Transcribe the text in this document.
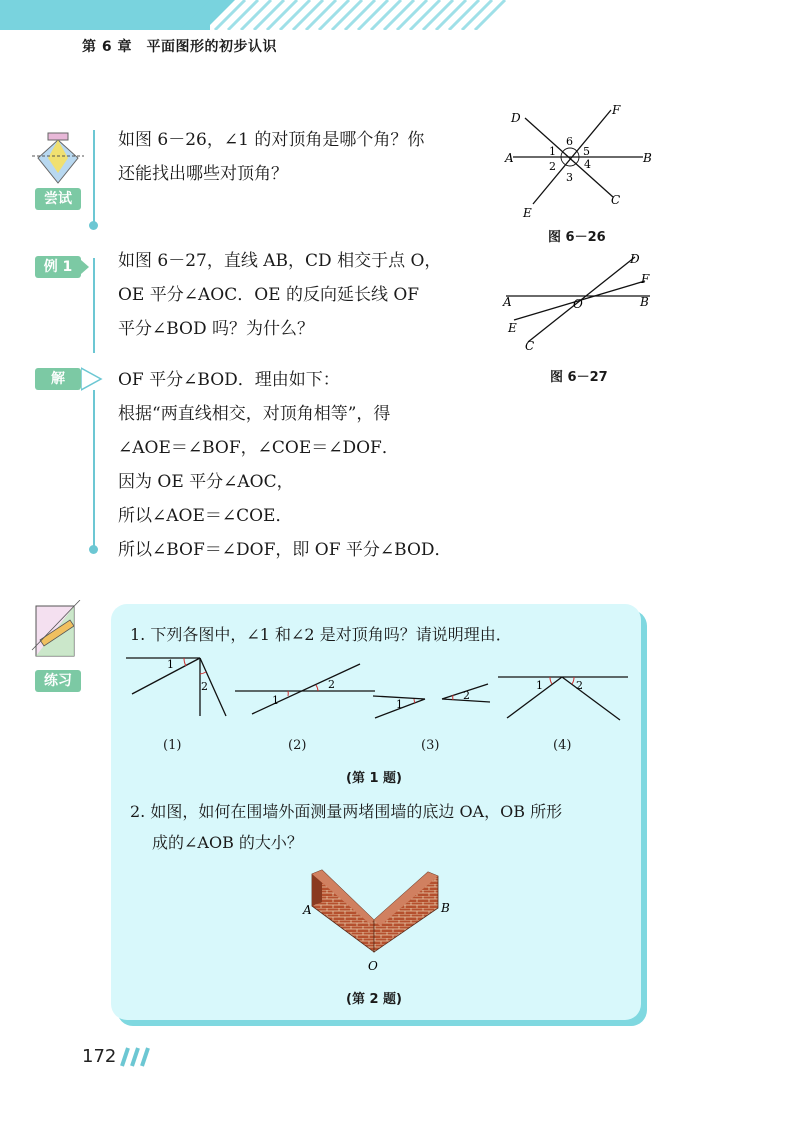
第 6 章　平面图形的初步认识
尝试
如图 6－26，∠1 的对顶角是哪个角？你
还能找出哪些对顶角？
A	B
C
D
E
F
1
2
3
4
5
6
图 6－26
例 1	如图 6－27，直线 AB，CD 相交于点 O，
OE 平分∠AOC．OE 的反向延长线 OF
平分∠BOD 吗？为什么？
A	B
C
D
E
F
O
图 6－27
解	OF 平分∠BOD．理由如下：
根据“两直线相交，对顶角相等”，得
∠AOE＝∠BOF，∠COE＝∠DOF．
因为 OE 平分∠AOC，
所以∠AOE＝∠COE．
所以∠BOF＝∠DOF，即 OF 平分∠BOD．
练习
1. 下列各图中，∠1 和∠2 是对顶角吗？请说明理由．
1
2
1
2
1
2
1	2
(1)	(2)	(3)	(4)
(第 1 题)
2. 如图，如何在围墙外面测量两堵围墙的底边 OA，OB 所形
成的∠AOB 的大小？
A	B
O
(第 2 题)
172
